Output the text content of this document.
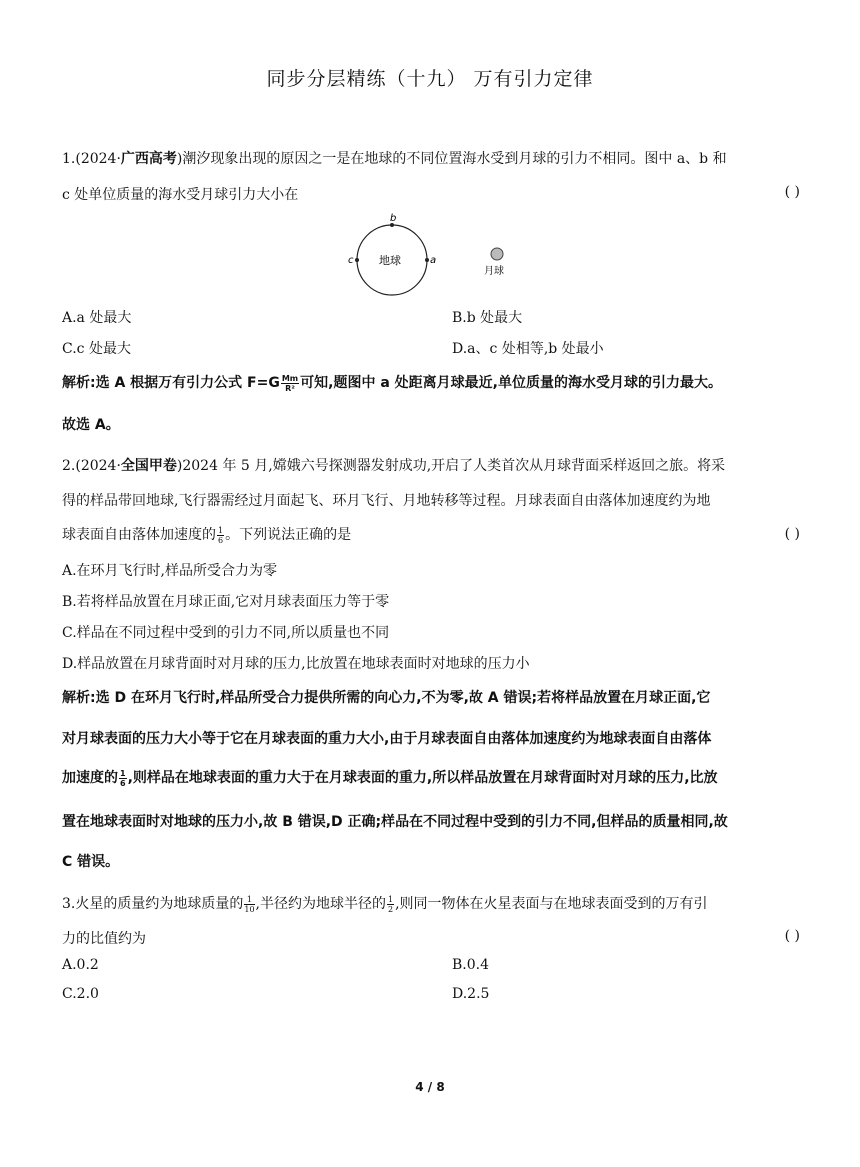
同步分层精练（十九） 万有引力定律
1.(2024·广西高考)潮汐现象出现的原因之一是在地球的不同位置海水受到月球的引力不相同。图中 a、b 和
c 处单位质量的海水受月球引力大小在	( )
b
c	a
地球
月球
A.a 处最大	B.b 处最大
C.c 处最大	D.a、c 处相等,b 处最小
解析:选 A 根据万有引力公式 $F=G \frac{Mm}{\text{R²}}$ 可知,题图中 a 处距离月球最近,单位质量的海水受月球的引力最大。
故选 A。
2.(2024·全国甲卷)2024 年 5 月,嫦娥六号探测器发射成功,开启了人类首次从月球背面采样返回之旅。将采
得的样品带回地球,飞行器需经过月面起飞、环月飞行、月地转移等过程。月球表面自由落体加速度约为地
球表面自由落体加速度的 $\frac{1}{6}$ 。下列说法正确的是	( )
A.在环月飞行时,样品所受合力为零
B.若将样品放置在月球正面,它对月球表面压力等于零
C.样品在不同过程中受到的引力不同,所以质量也不同
D.样品放置在月球背面时对月球的压力,比放置在地球表面时对地球的压力小
解析:选 D 在环月飞行时,样品所受合力提供所需的向心力,不为零,故 A 错误;若将样品放置在月球正面,它
对月球表面的压力大小等于它在月球表面的重力大小,由于月球表面自由落体加速度约为地球表面自由落体
加速度的 $\frac{1}{6}$ ,则样品在地球表面的重力大于在月球表面的重力,所以样品放置在月球背面时对月球的压力,比放
置在地球表面时对地球的压力小,故 B 错误,D 正确;样品在不同过程中受到的引力不同,但样品的质量相同,故
C 错误。
3.火星的质量约为地球质量的 $\frac{1}{10}$ ,半径约为地球半径的 $\frac{1}{2}$ ,则同一物体在火星表面与在地球表面受到的万有引
力的比值约为	( )
A.0.2	B.0.4
C.2.0	D.2.5
4 / 8
